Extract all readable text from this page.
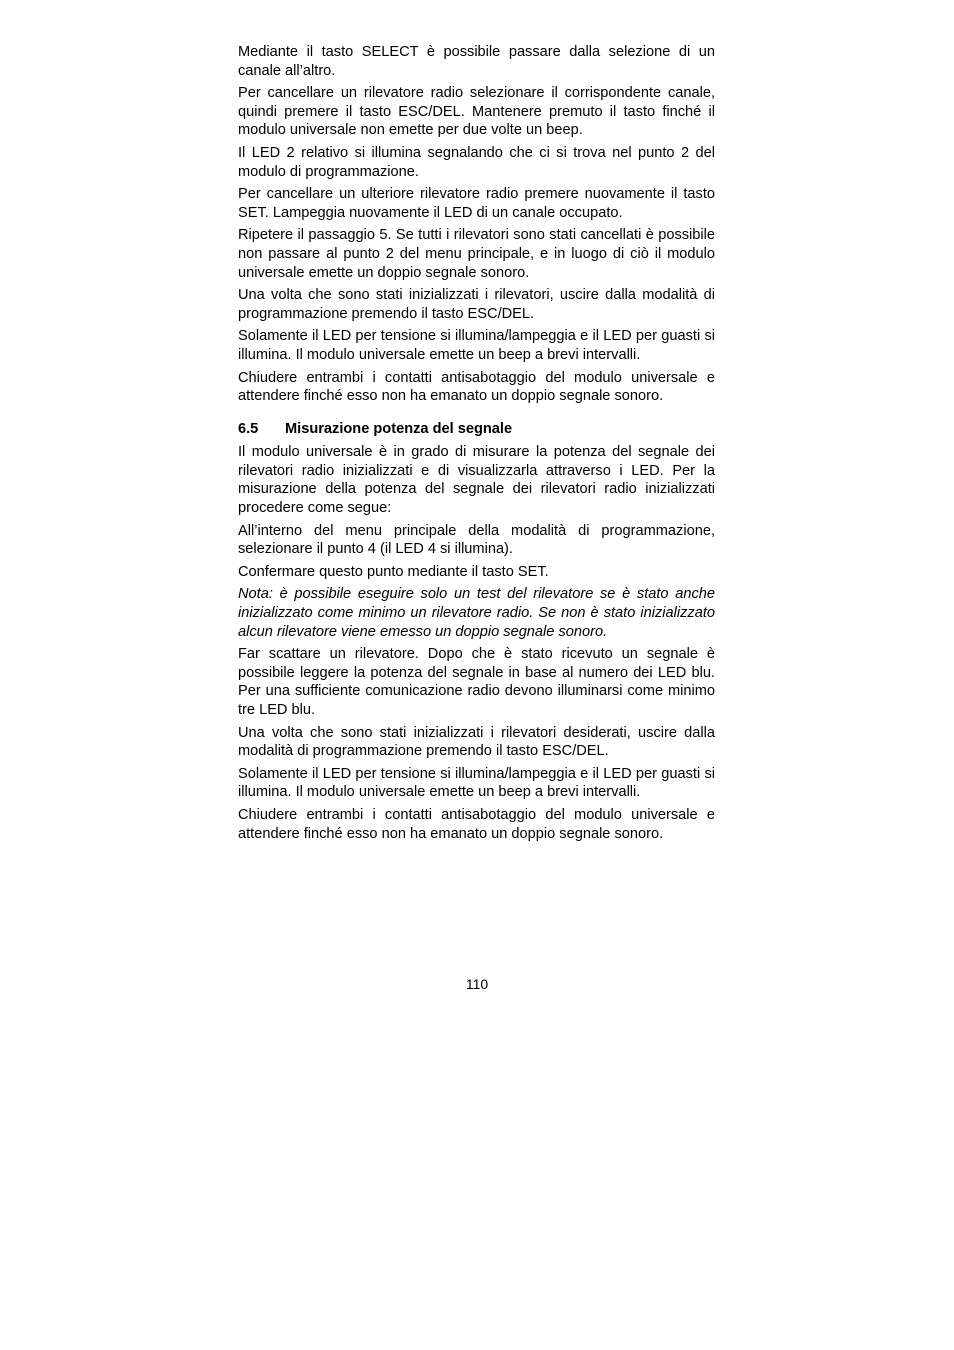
Mediante il tasto SELECT è possibile passare dalla selezione di un canale all’altro.

Per cancellare un rilevatore radio selezionare il corrispondente canale, quindi premere il tasto ESC/DEL. Mantenere premuto il tasto finché il modulo universale non emette per due volte un beep.

Il LED 2 relativo si illumina segnalando che ci si trova nel punto 2 del modulo di programmazione.

Per cancellare un ulteriore rilevatore radio premere nuovamente il tasto SET. Lampeggia nuovamente il LED di un canale occupato.

Ripetere il passaggio 5. Se tutti i rilevatori sono stati cancellati è possibile non passare al punto 2 del menu principale, e in luogo di ciò il modulo universale emette un doppio segnale sonoro.

Una volta che sono stati inizializzati i rilevatori, uscire dalla modalità di programmazione premendo il tasto ESC/DEL.

Solamente il LED per tensione si illumina/lampeggia e il LED per guasti si illumina. Il modulo universale emette un beep a brevi intervalli.

Chiudere entrambi i contatti antisabotaggio del modulo universale e attendere finché esso non ha emanato un doppio segnale sonoro.

6.5	Misurazione potenza del segnale

Il modulo universale è in grado di misurare la potenza del segnale dei rilevatori radio inizializzati e di visualizzarla attraverso i LED. Per la misurazione della potenza del segnale dei rilevatori radio inizializzati procedere come segue:

All’interno del menu principale della modalità di programmazione, selezionare il punto 4 (il LED 4 si illumina).

Confermare questo punto mediante il tasto SET.

Nota: è possibile eseguire solo un test del rilevatore se è stato anche inizializzato come minimo un rilevatore radio. Se non è stato inizializzato alcun rilevatore viene emesso un doppio segnale sonoro.

Far scattare un rilevatore. Dopo che è stato ricevuto un segnale è possibile leggere la potenza del segnale in base al numero dei LED blu. Per una sufficiente comunicazione radio devono illuminarsi come minimo tre LED blu.

Una volta che sono stati inizializzati i rilevatori desiderati, uscire dalla modalità di programmazione premendo il tasto ESC/DEL.

Solamente il LED per tensione si illumina/lampeggia e il LED per guasti si illumina. Il modulo universale emette un beep a brevi intervalli.

Chiudere entrambi i contatti antisabotaggio del modulo universale e attendere finché esso non ha emanato un doppio segnale sonoro.

110
